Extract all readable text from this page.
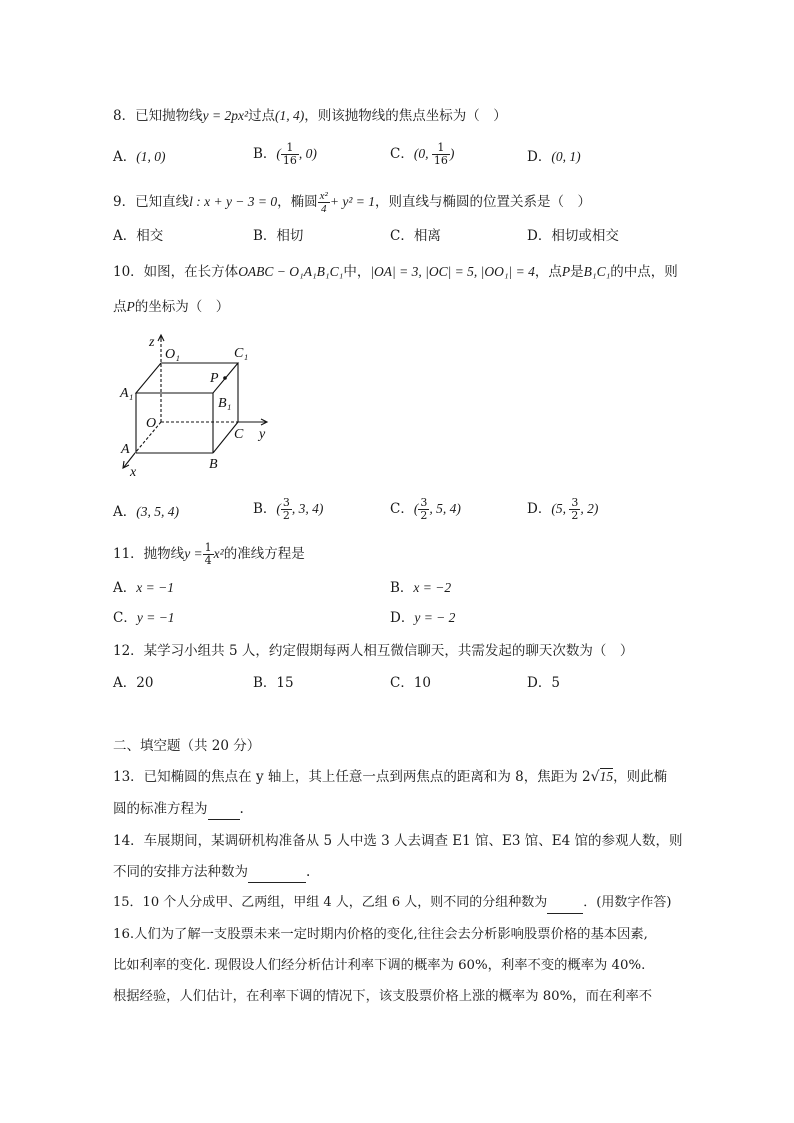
8．已知抛物线y = 2px²过点(1, 4)，则该抛物线的焦点坐标为（　）
A．(1, 0)	B．( $\frac{1}{16}$ , 0)	C．(0, $\frac{1}{16}$ )	D．(0, 1)
9．已知直线l : x + y − 3 = 0，椭圆 $\frac{\text{x²}}{4} + y^2 = 1$，则直线与椭圆的位置关系是（　）
A．相交	B．相切	C．相离	D．相切或相交
10．如图，在长方体OABC − O₁A₁B₁C₁中，|OA| = 3, |OC| = 5, |OO₁| = 4，点P是B₁C₁的中点，则
点P的坐标为（　）
z
O₁	C₁
A₁
P
B₁
O
C y
A
B
x
A．(3, 5, 4)	B．( $\frac{3}{2}$ , 3, 4)	C．( $\frac{3}{2}$ , 5, 4)	D．(5, $\frac{3}{2}$ , 2)
11．抛物线$y = \frac{1}{4} x^2$的准线方程是
A．x = −1	B．x = −2
C．y = −1	D．y = − 2
12．某学习小组共 5 人，约定假期每两人相互微信聊天，共需发起的聊天次数为（　）
A．20	B．15	C．10	D．5
二、填空题（共 20 分）
13．已知椭圆的焦点在 y 轴上，其上任意一点到两焦点的距离和为 8，焦距为 2√15，则此椭
圆的标准方程为 .
14．车展期间，某调研机构准备从 5 人中选 3 人去调查 E1 馆、E3 馆、E4 馆的参观人数，则
不同的安排方法种数为	.
15．10 个人分成甲、乙两组，甲组 4 人，乙组 6 人，则不同的分组种数为	．(用数字作答)
16.人们为了解一支股票未来一定时期内价格的变化,往往会去分析影响股票价格的基本因素,
比如利率的变化. 现假设人们经分析估计利率下调的概率为 60%，利率不变的概率为 40%.
根据经验，人们估计，在利率下调的情况下，该支股票价格上涨的概率为 80%，而在利率不
